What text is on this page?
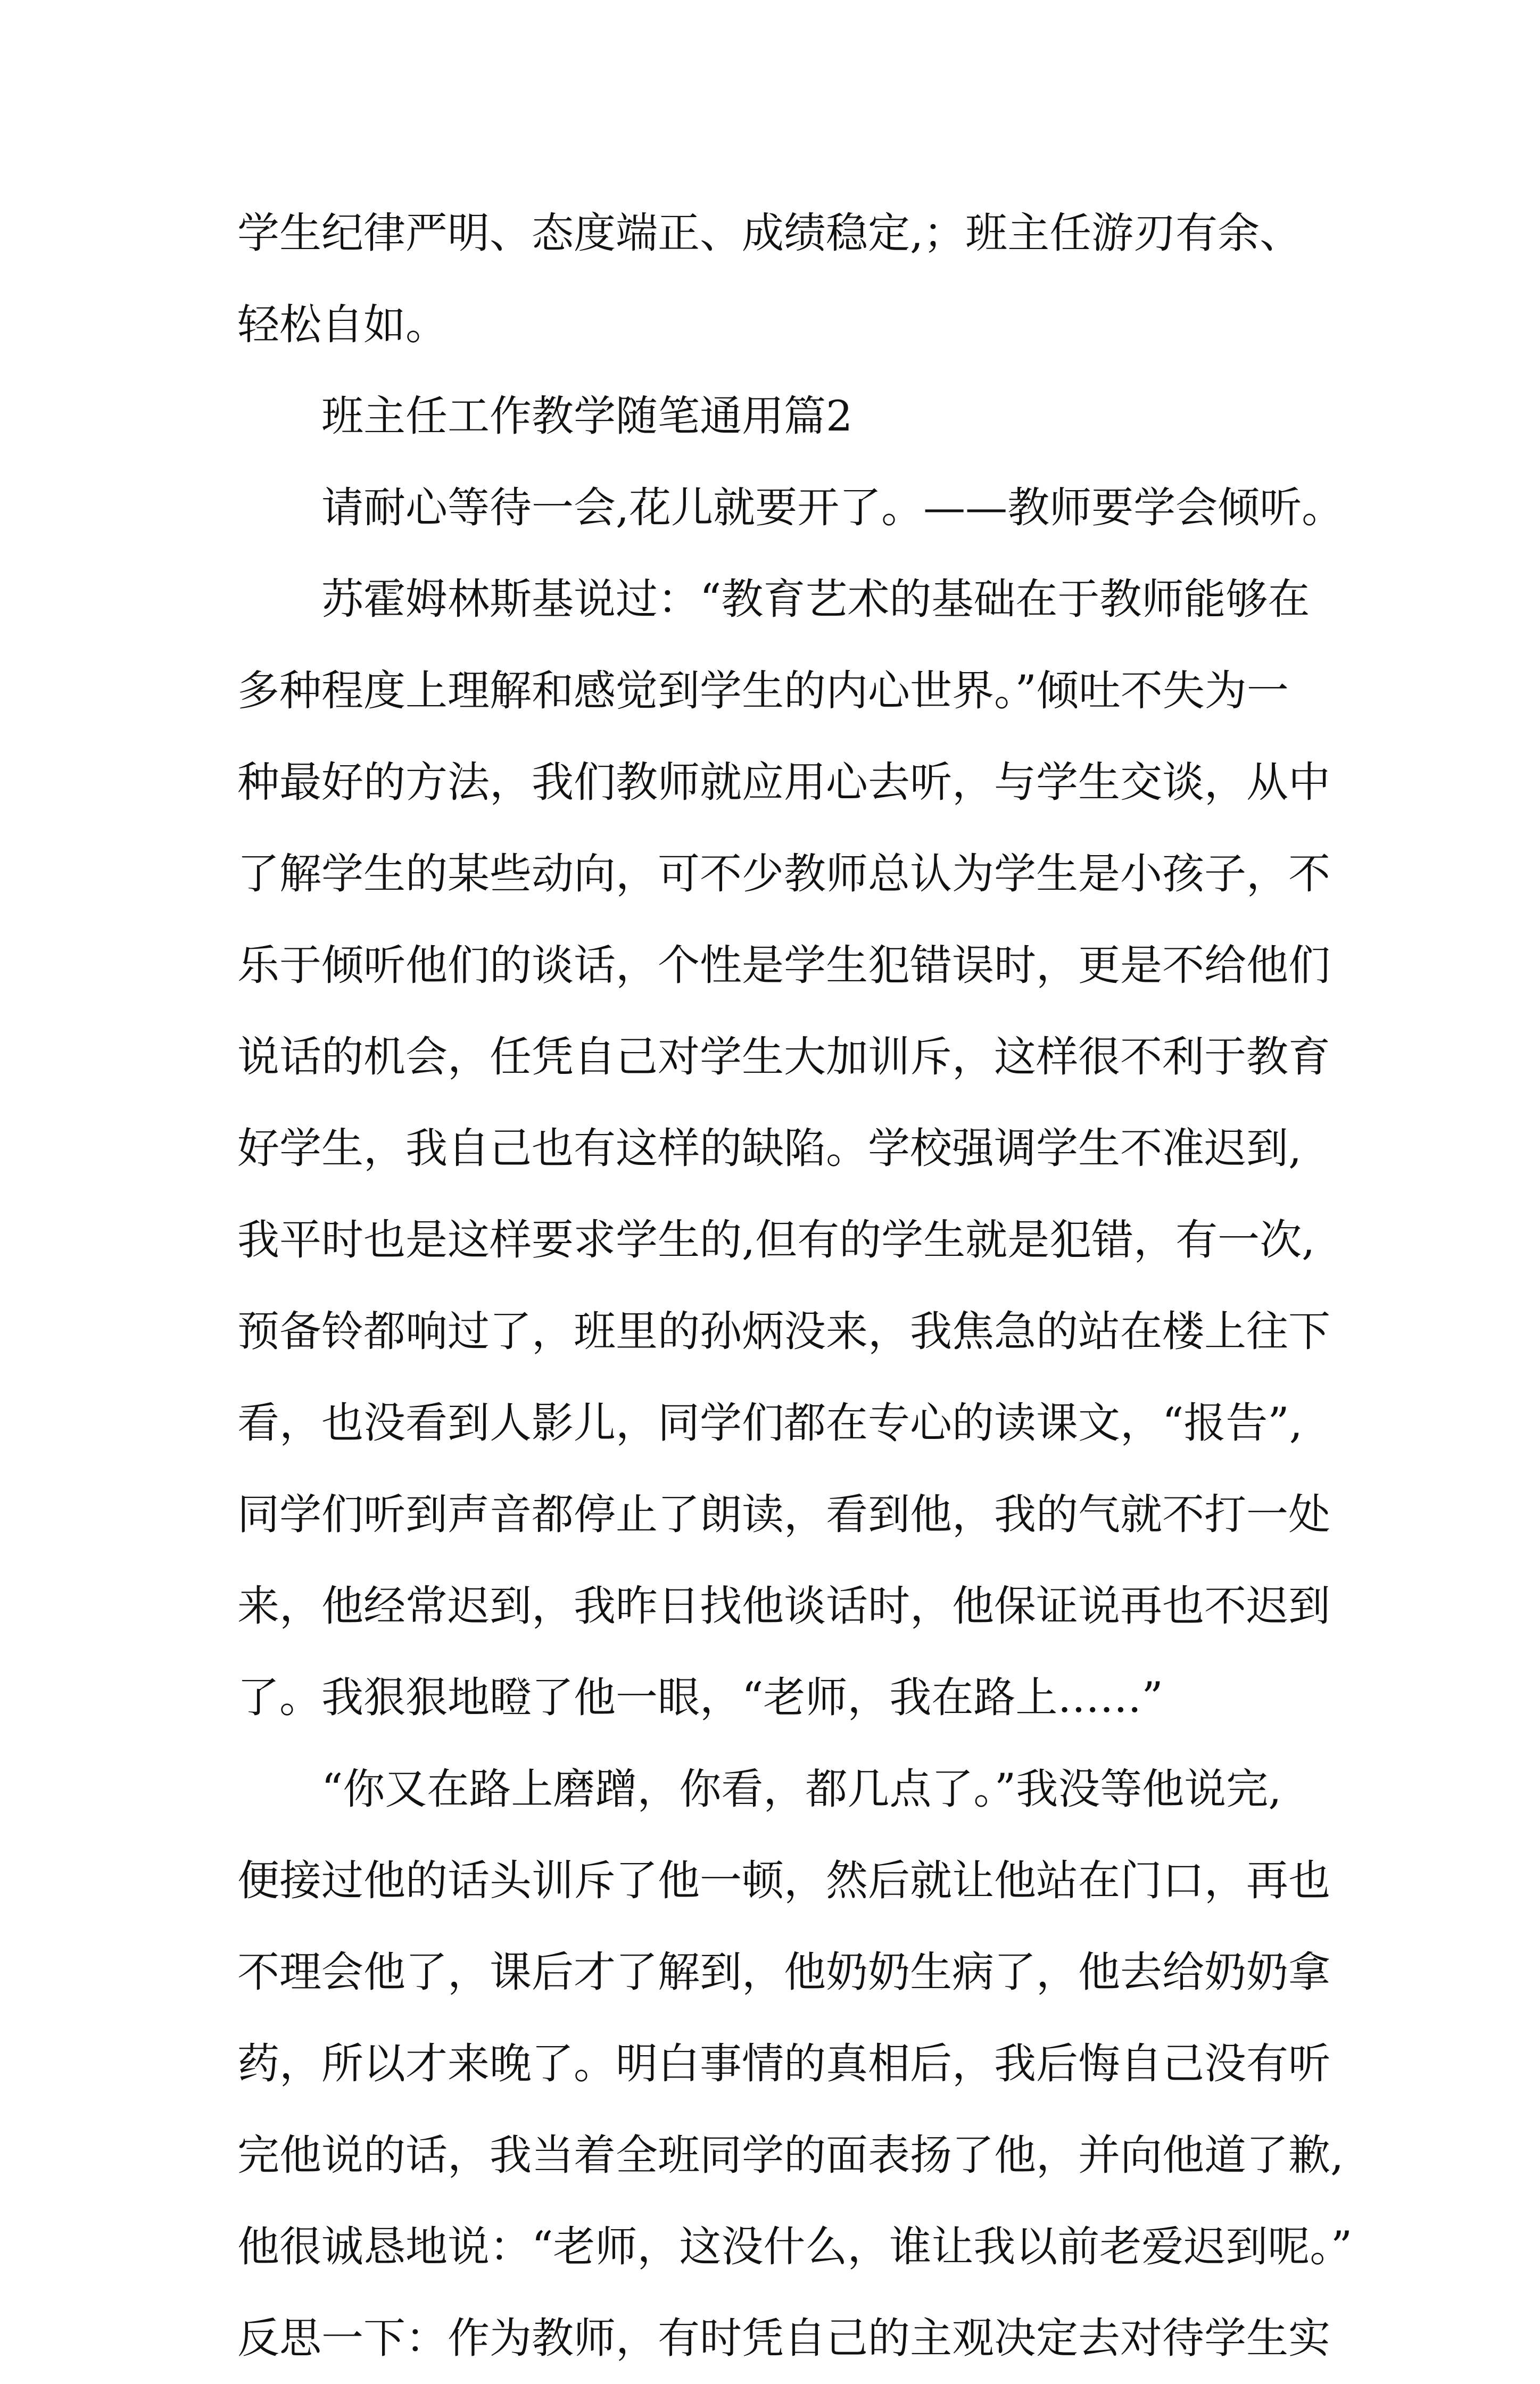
学生纪律严明、态度端正、成绩稳定,；班主任游刃有余、
轻松自如。
班主任工作教学随笔通用篇2
请耐心等待一会,花儿就要开了。——教师要学会倾听。
苏霍姆林斯基说过：“教育艺术的基础在于教师能够在
多种程度上理解和感觉到学生的内心世界。”倾吐不失为一
种最好的方法，我们教师就应用心去听，与学生交谈，从中
了解学生的某些动向，可不少教师总认为学生是小孩子，不
乐于倾听他们的谈话，个性是学生犯错误时，更是不给他们
说话的机会，任凭自己对学生大加训斥，这样很不利于教育
好学生，我自己也有这样的缺陷。学校强调学生不准迟到,
我平时也是这样要求学生的,但有的学生就是犯错，有一次,
预备铃都响过了，班里的孙炳没来，我焦急的站在楼上往下
看，也没看到人影儿，同学们都在专心的读课文，“报告”,
同学们听到声音都停止了朗读，看到他，我的气就不打一处
来，他经常迟到，我昨日找他谈话时，他保证说再也不迟到
了。我狠狠地瞪了他一眼，“老师，我在路上……”
“你又在路上磨蹭，你看，都几点了。”我没等他说完,
便接过他的话头训斥了他一顿，然后就让他站在门口，再也
不理会他了，课后才了解到，他奶奶生病了，他去给奶奶拿
药，所以才来晚了。明白事情的真相后，我后悔自己没有听
完他说的话，我当着全班同学的面表扬了他，并向他道了歉,
他很诚恳地说：“老师，这没什么，谁让我以前老爱迟到呢。”
反思一下：作为教师，有时凭自己的主观决定去对待学生实
